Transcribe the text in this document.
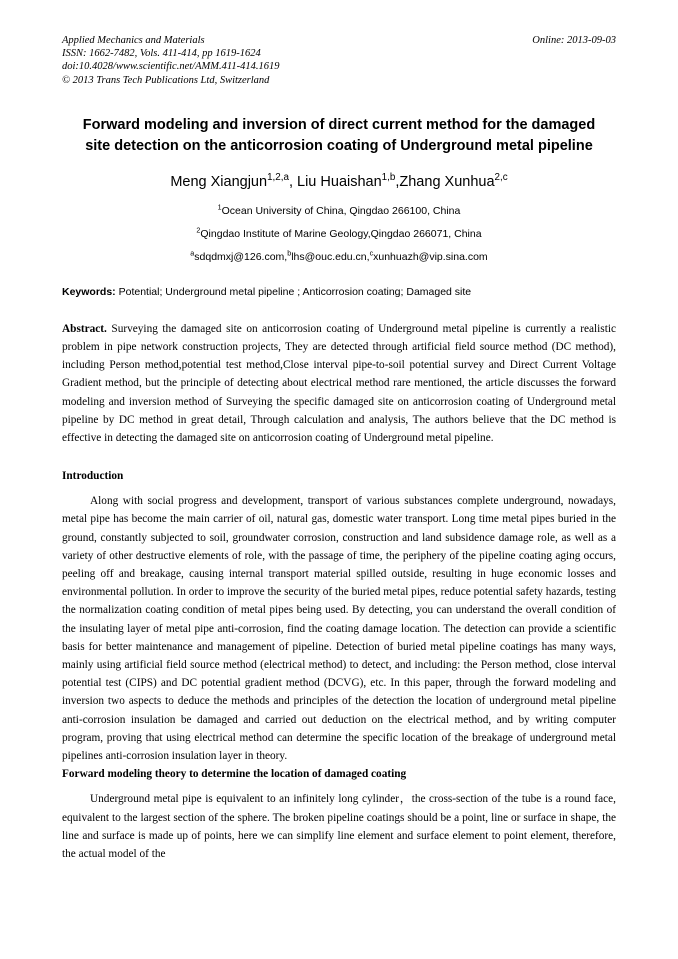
Applied Mechanics and Materials
ISSN: 1662-7482, Vols. 411-414, pp 1619-1624
doi:10.4028/www.scientific.net/AMM.411-414.1619
© 2013 Trans Tech Publications Ltd, Switzerland
Online: 2013-09-03
Forward modeling and inversion of direct current method for the damaged site detection on the anticorrosion coating of Underground metal pipeline
Meng Xiangjun$^{1,2,a}$, Liu Huaishan$^{1,b}$,Zhang Xunhua$^{2,c}$
$^1$Ocean University of China, Qingdao 266100, China
$^2$Qingdao Institute of Marine Geology,Qingdao 266071, China
$^a$sdqdmxj@126.com,$^b$lhs@ouc.edu.cn,$^c$xunhuazh@vip.sina.com
Keywords: Potential; Underground metal pipeline ; Anticorrosion coating; Damaged site
Abstract. Surveying the damaged site on anticorrosion coating of Underground metal pipeline is currently a realistic problem in pipe network construction projects, They are detected through artificial field source method (DC method), including Person method,potential test method,Close interval pipe-to-soil potential survey and Direct Current Voltage Gradient method, but the principle of detecting about electrical method rare mentioned, the article discusses the forward modeling and inversion method of Surveying the specific damaged site on anticorrosion coating of Underground metal pipeline by DC method in great detail, Through calculation and analysis, The authors believe that the DC method is effective in detecting the damaged site on anticorrosion coating of Underground metal pipeline.
Introduction
Along with social progress and development, transport of various substances complete underground, nowadays, metal pipe has become the main carrier of oil, natural gas, domestic water transport. Long time metal pipes buried in the ground, constantly subjected to soil, groundwater corrosion, construction and land subsidence damage role, as well as a variety of other destructive elements of role, with the passage of time, the periphery of the pipeline coating aging occurs, peeling off and breakage, causing internal transport material spilled outside, resulting in huge economic losses and environmental pollution. In order to improve the security of the buried metal pipes, reduce potential safety hazards, testing the normalization coating condition of metal pipes being used. By detecting, you can understand the overall condition of the insulating layer of metal pipe anti-corrosion, find the coating damage location. The detection can provide a scientific basis for better maintenance and management of pipeline. Detection of buried metal pipeline coatings has many ways, mainly using artificial field source method (electrical method) to detect, and including: the Person method, close interval potential test (CIPS) and DC potential gradient method (DCVG), etc. In this paper, through the forward modeling and inversion two aspects to deduce the methods and principles of the detection the location of underground metal pipeline anti-corrosion insulation be damaged and carried out deduction on the electrical method, and by writing computer program, proving that using electrical method can determine the specific location of the breakage of underground metal pipelines anti-corrosion insulation layer in theory.
Forward modeling theory to determine the location of damaged coating
Underground metal pipe is equivalent to an infinitely long cylinder，the cross-section of the tube is a round face, equivalent to the largest section of the sphere. The broken pipeline coatings should be a point, line or surface in shape, the line and surface is made up of points, here we can simplify line element and surface element to point element, therefore, the actual model of the
